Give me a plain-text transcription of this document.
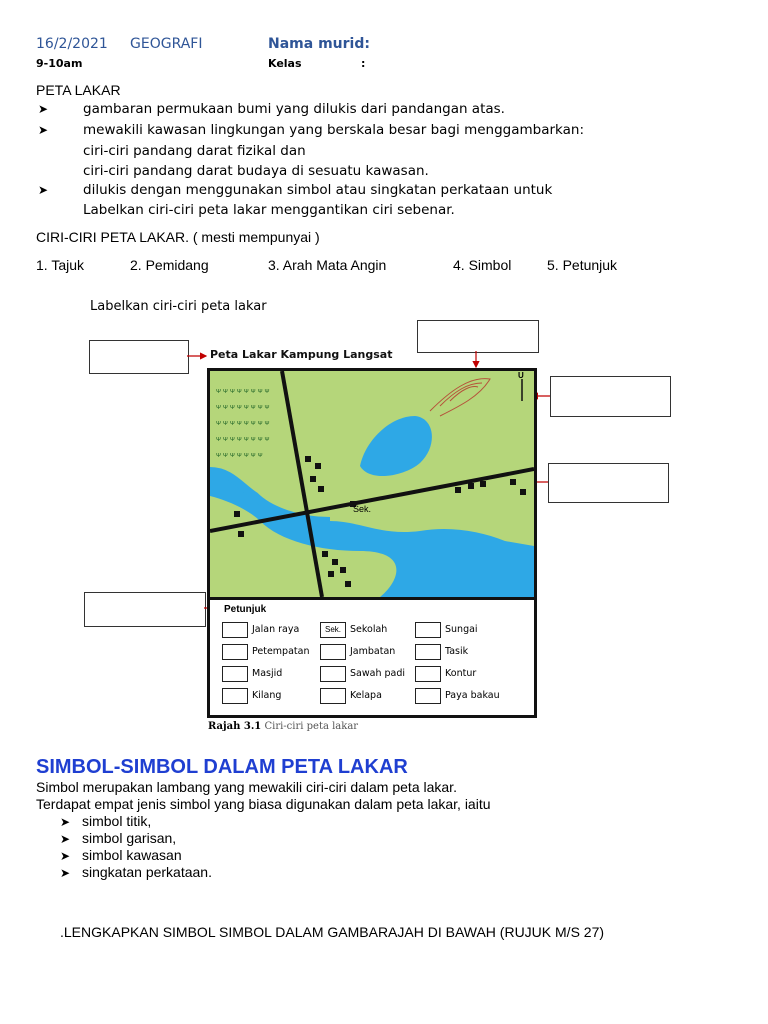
16/2/2021 GEOGRAFI	Nama murid:
9-10am	Kelas	:
PETA LAKAR
➤	gambaran permukaan bumi yang dilukis dari pandangan atas.
➤	mewakili kawasan lingkungan yang berskala besar bagi menggambarkan:
ciri-ciri pandang darat fizikal dan
ciri-ciri pandang darat budaya di sesuatu kawasan.
➤	dilukis dengan menggunakan simbol atau singkatan perkataan untuk
Labelkan ciri-ciri peta lakar menggantikan ciri sebenar.
CIRI-CIRI PETA LAKAR. ( mesti mempunyai )
1. Tajuk	2. Pemidang	3. Arah Mata Angin	4. Simbol	5. Petunjuk
Labelkan ciri-ciri peta lakar
Peta Lakar Kampung Langsat
ᴪ ᴪ ᴪ ᴪ ᴪ ᴪ ᴪ ᴪ
ᴪ ᴪ ᴪ ᴪ ᴪ ᴪ ᴪ ᴪ
ᴪ ᴪ ᴪ ᴪ ᴪ ᴪ ᴪ ᴪ
ᴪ ᴪ ᴪ ᴪ ᴪ ᴪ ᴪ ᴪ
ᴪ ᴪ ᴪ ᴪ ᴪ ᴪ ᴪ
U
Sek.
Petunjuk
Jalan raya	Sek. Sekolah	Sungai
Petempatan	Jambatan	Tasik
Masjid	Sawah padi	Kontur
Kilang	Kelapa	Paya bakau
Rajah 3.1 Ciri-ciri peta lakar
SIMBOL-SIMBOL DALAM PETA LAKAR
Simbol merupakan lambang yang mewakili ciri-ciri dalam peta lakar.
Terdapat empat jenis simbol yang biasa digunakan dalam peta lakar, iaitu
➤ simbol titik,
➤ simbol garisan,
➤ simbol kawasan
➤ singkatan perkataan.
.LENGKAPKAN SIMBOL SIMBOL DALAM GAMBARAJAH DI BAWAH (RUJUK M/S 27)
